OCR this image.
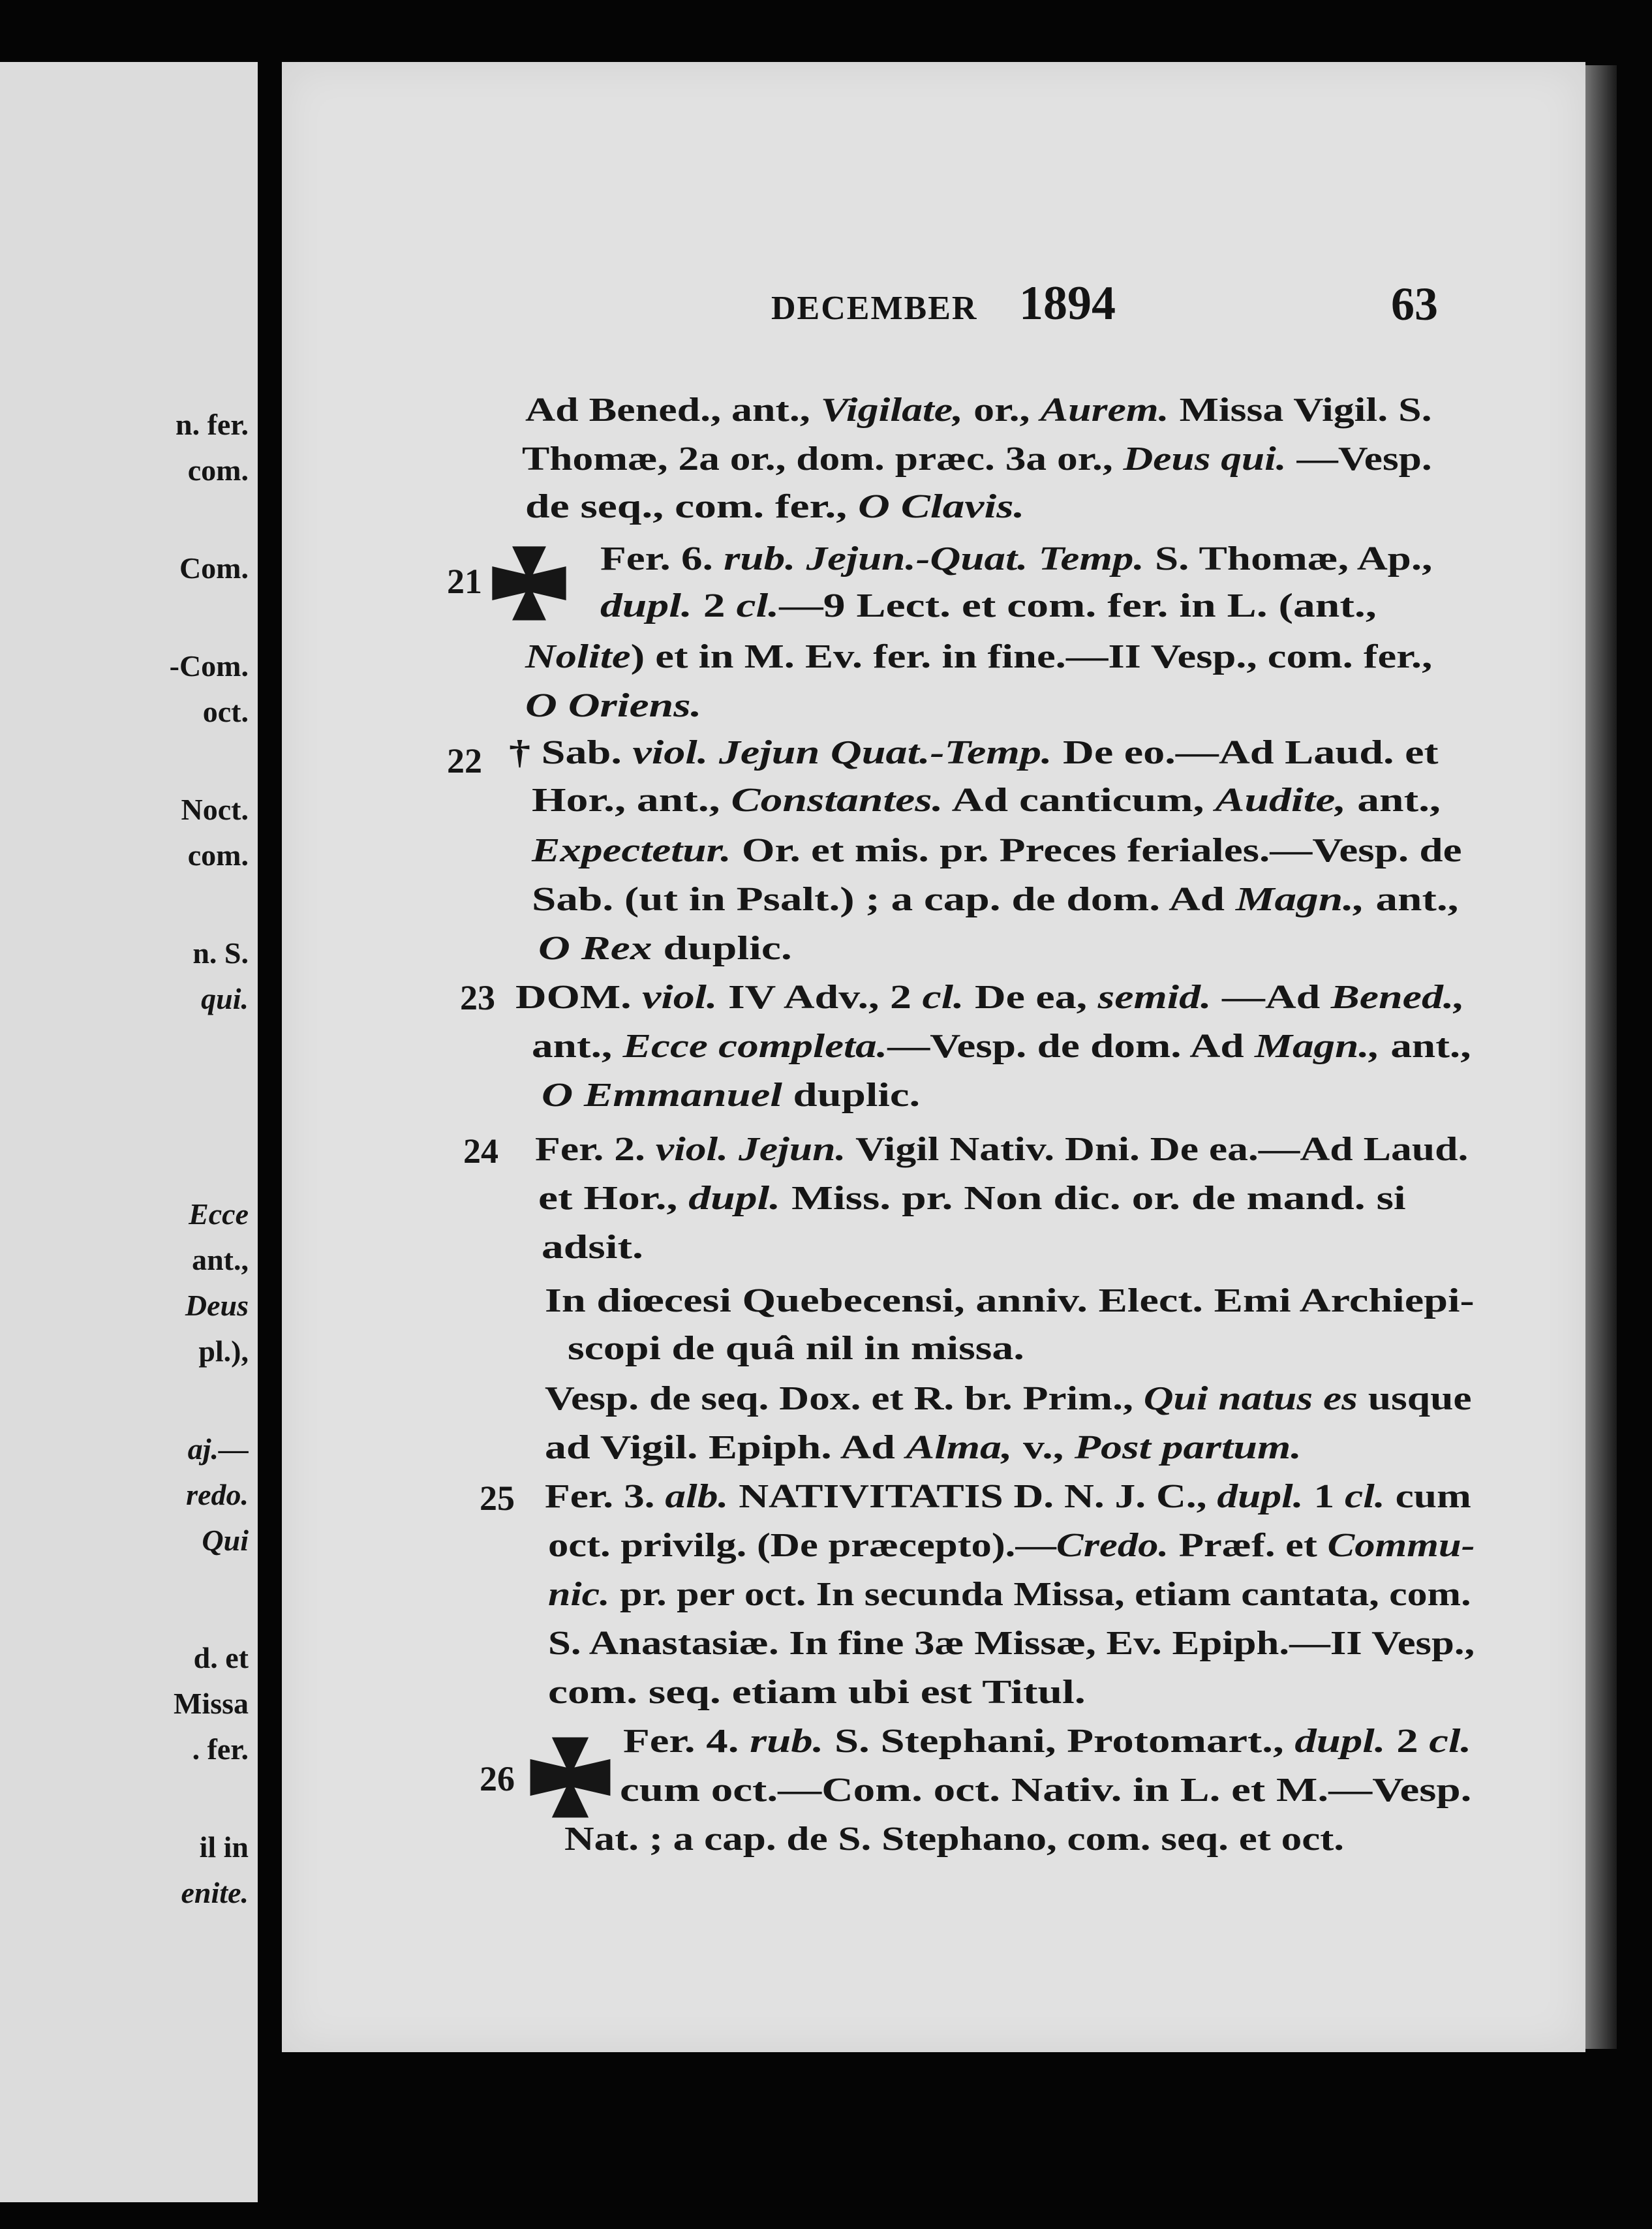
n. fer.
com.
Com.
-Com.
oct.
Noct.
com.
n. S.
qui.
Ecce
ant.,
Deus
pl.),
aj.—
redo.
Qui
d. et
Missa
. fer.
il in
enite.
DECEMBER 1894	63
Ad Bened., ant., Vigilate, or., Aurem. Missa Vigil. S.
Thomæ, 2a or., dom. præc. 3a or., Deus qui. —Vesp.
de seq., com. fer., O Clavis.
21
Fer. 6. rub. Jejun.-Quat. Temp. S. Thomæ, Ap.,
dupl. 2 cl.—9 Lect. et com. fer. in L. (ant.,
Nolite) et in M. Ev. fer. in fine.—II Vesp., com. fer.,
O Oriens.
22 † Sab. viol. Jejun Quat.-Temp. De eo.—Ad Laud. et
Hor., ant., Constantes. Ad canticum, Audite, ant.,
Expectetur. Or. et mis. pr. Preces feriales.—Vesp. de
Sab. (ut in Psalt.) ; a cap. de dom. Ad Magn., ant.,
O Rex duplic.
23 DOM. viol. IV Adv., 2 cl. De ea, semid. —Ad Bened.,
ant., Ecce completa.—Vesp. de dom. Ad Magn., ant.,
O Emmanuel duplic.
24 Fer. 2. viol. Jejun. Vigil Nativ. Dni. De ea.—Ad Laud.
et Hor., dupl. Miss. pr. Non dic. or. de mand. si
adsit.
In diœcesi Quebecensi, anniv. Elect. Emi Archiepi-
scopi de quâ nil in missa.
Vesp. de seq. Dox. et R. br. Prim., Qui natus es usque
ad Vigil. Epiph. Ad Alma, v., Post partum.
25 Fer. 3. alb. NATIVITATIS D. N. J. C., dupl. 1 cl. cum
oct. privilg. (De præcepto).—Credo. Præf. et Commu-
nic. pr. per oct. In secunda Missa, etiam cantata, com.
S. Anastasiæ. In fine 3æ Missæ, Ev. Epiph.—II Vesp.,
com. seq. etiam ubi est Titul.
26
Fer. 4. rub. S. Stephani, Protomart., dupl. 2 cl.
cum oct.—Com. oct. Nativ. in L. et M.—Vesp.
Nat. ; a cap. de S. Stephano, com. seq. et oct.
